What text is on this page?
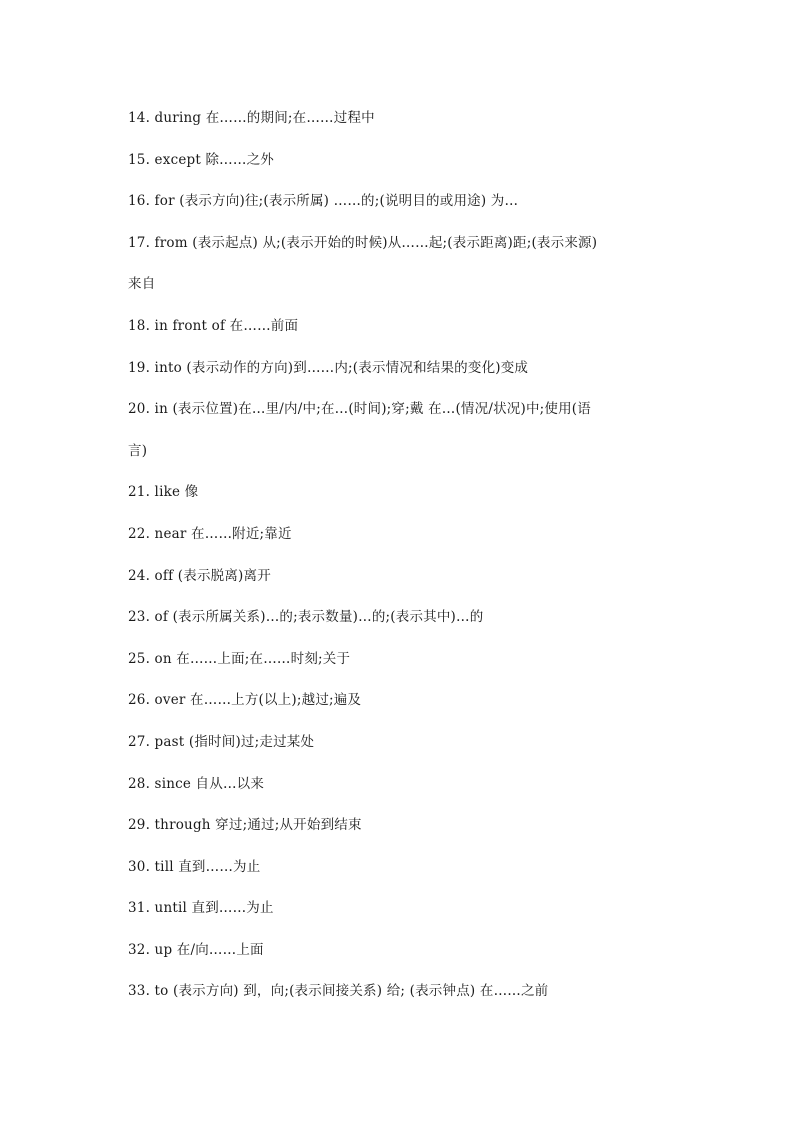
14. during 在……的期间;在……过程中
15. except 除……之外
16. for (表示方向)往;(表示所属) ……的;(说明目的或用途) 为…
17. from (表示起点) 从;(表示开始的时候)从……起;(表示距离)距;(表示来源)
来自
18. in front of 在……前面
19. into (表示动作的方向)到……内;(表示情况和结果的变化)变成
20. in (表示位置)在…里/内/中;在…(时间);穿;戴 在…(情况/状况)中;使用(语
言)
21. like 像
22. near 在……附近;靠近
24. off (表示脱离)离开
23. of (表示所属关系)…的;表示数量)…的;(表示其中)…的
25. on 在……上面;在……时刻;关于
26. over 在……上方(以上);越过;遍及
27. past (指时间)过;走过某处
28. since 自从…以来
29. through 穿过;通过;从开始到结束
30. till 直到……为止
31. until 直到……为止
32. up 在/向……上面
33. to (表示方向) 到，向;(表示间接关系) 给; (表示钟点) 在……之前
